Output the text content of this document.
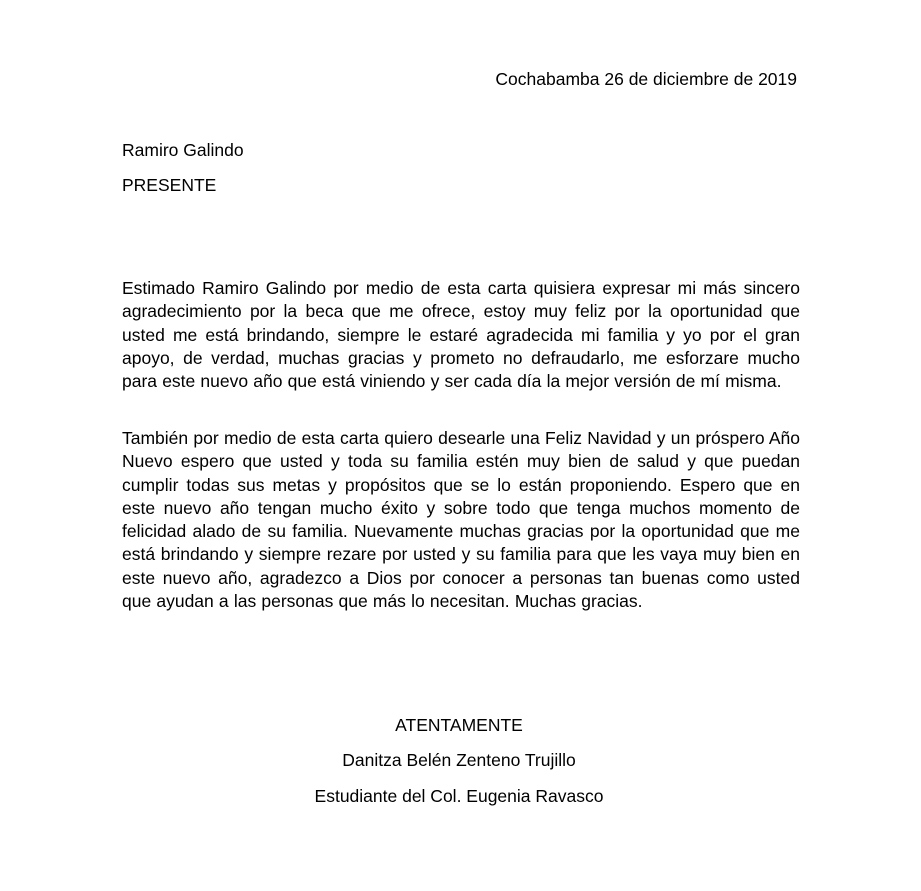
Cochabamba 26 de diciembre de 2019

Ramiro Galindo

PRESENTE

Estimado Ramiro Galindo por medio de esta carta quisiera expresar mi más sincero agradecimiento por la beca que me ofrece, estoy muy feliz por la oportunidad que usted me está brindando, siempre le estaré agradecida mi familia y yo por el gran apoyo, de verdad, muchas gracias y prometo no defraudarlo, me esforzare mucho para este nuevo año que está viniendo y ser cada día la mejor versión de mí misma.

También por medio de esta carta quiero desearle una Feliz Navidad y un próspero Año Nuevo espero que usted y toda su familia estén muy bien de salud y que puedan cumplir todas sus metas y propósitos que se lo están proponiendo. Espero que en este nuevo año tengan mucho éxito y sobre todo que tenga muchos momento de felicidad alado de su familia. Nuevamente muchas gracias por la oportunidad que me está brindando y siempre rezare por usted y su familia para que les vaya muy bien en este nuevo año, agradezco a Dios por conocer a personas tan buenas como usted que ayudan a las personas que más lo necesitan. Muchas gracias.

ATENTAMENTE

Danitza Belén Zenteno Trujillo

Estudiante del Col. Eugenia Ravasco
